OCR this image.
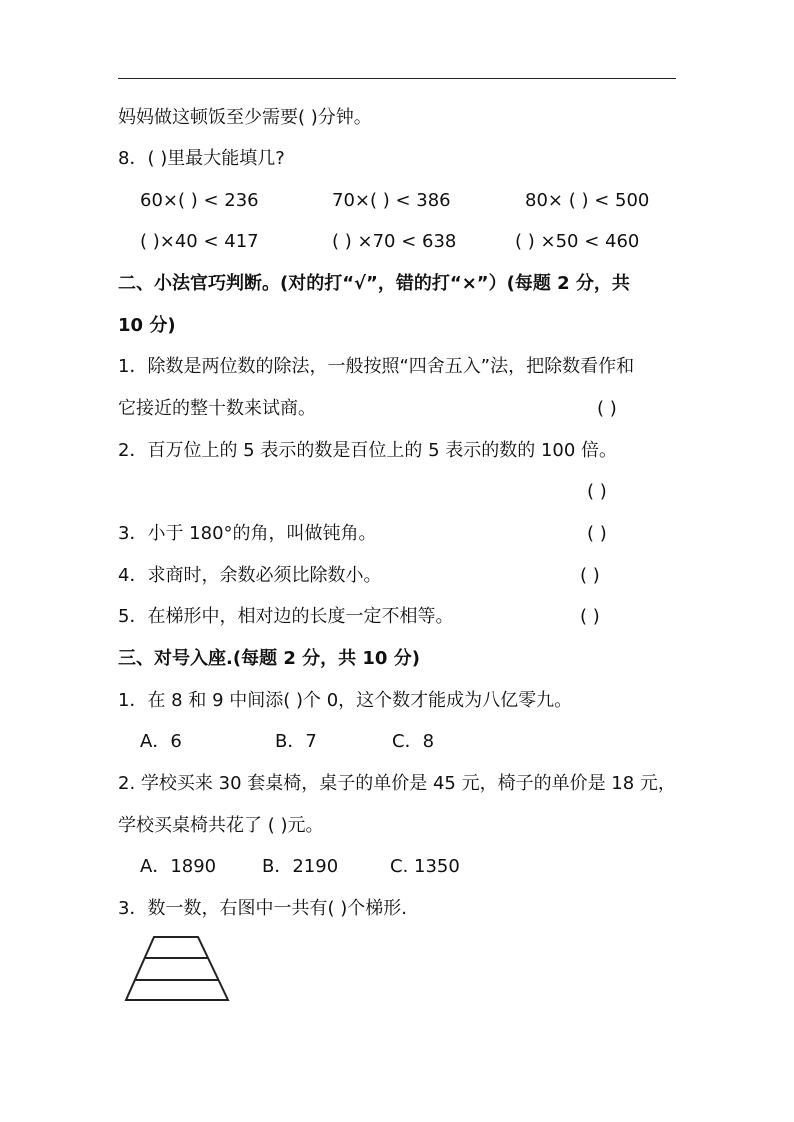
妈妈做这顿饭至少需要( )分钟。
8．( )里最大能填几?
60×( ) < 236	70×( ) < 386	80× ( ) < 500
( )×40 < 417	( ) ×70 < 638	( ) ×50 < 460
二、小法官巧判断。(对的打“√”，错的打“×”）(每题 2 分，共
10 分)
1．除数是两位数的除法，一般按照“四舍五入”法，把除数看作和
它接近的整十数来试商。	( )
2．百万位上的 5 表示的数是百位上的 5 表示的数的 100 倍。
( )
3．小于 180°的角，叫做钝角。	( )
4．求商时，余数必须比除数小。	( )
5．在梯形中，相对边的长度一定不相等。	( )
三、对号入座.(每题 2 分，共 10 分)
1．在 8 和 9 中间添( )个 0，这个数才能成为八亿零九。
A．6	B．7	C．8
2. 学校买来 30 套桌椅，桌子的单价是 45 元，椅子的单价是 18 元，
学校买桌椅共花了 ( )元。
A．1890	B．2190	C. 1350
3．数一数，右图中一共有( )个梯形.
